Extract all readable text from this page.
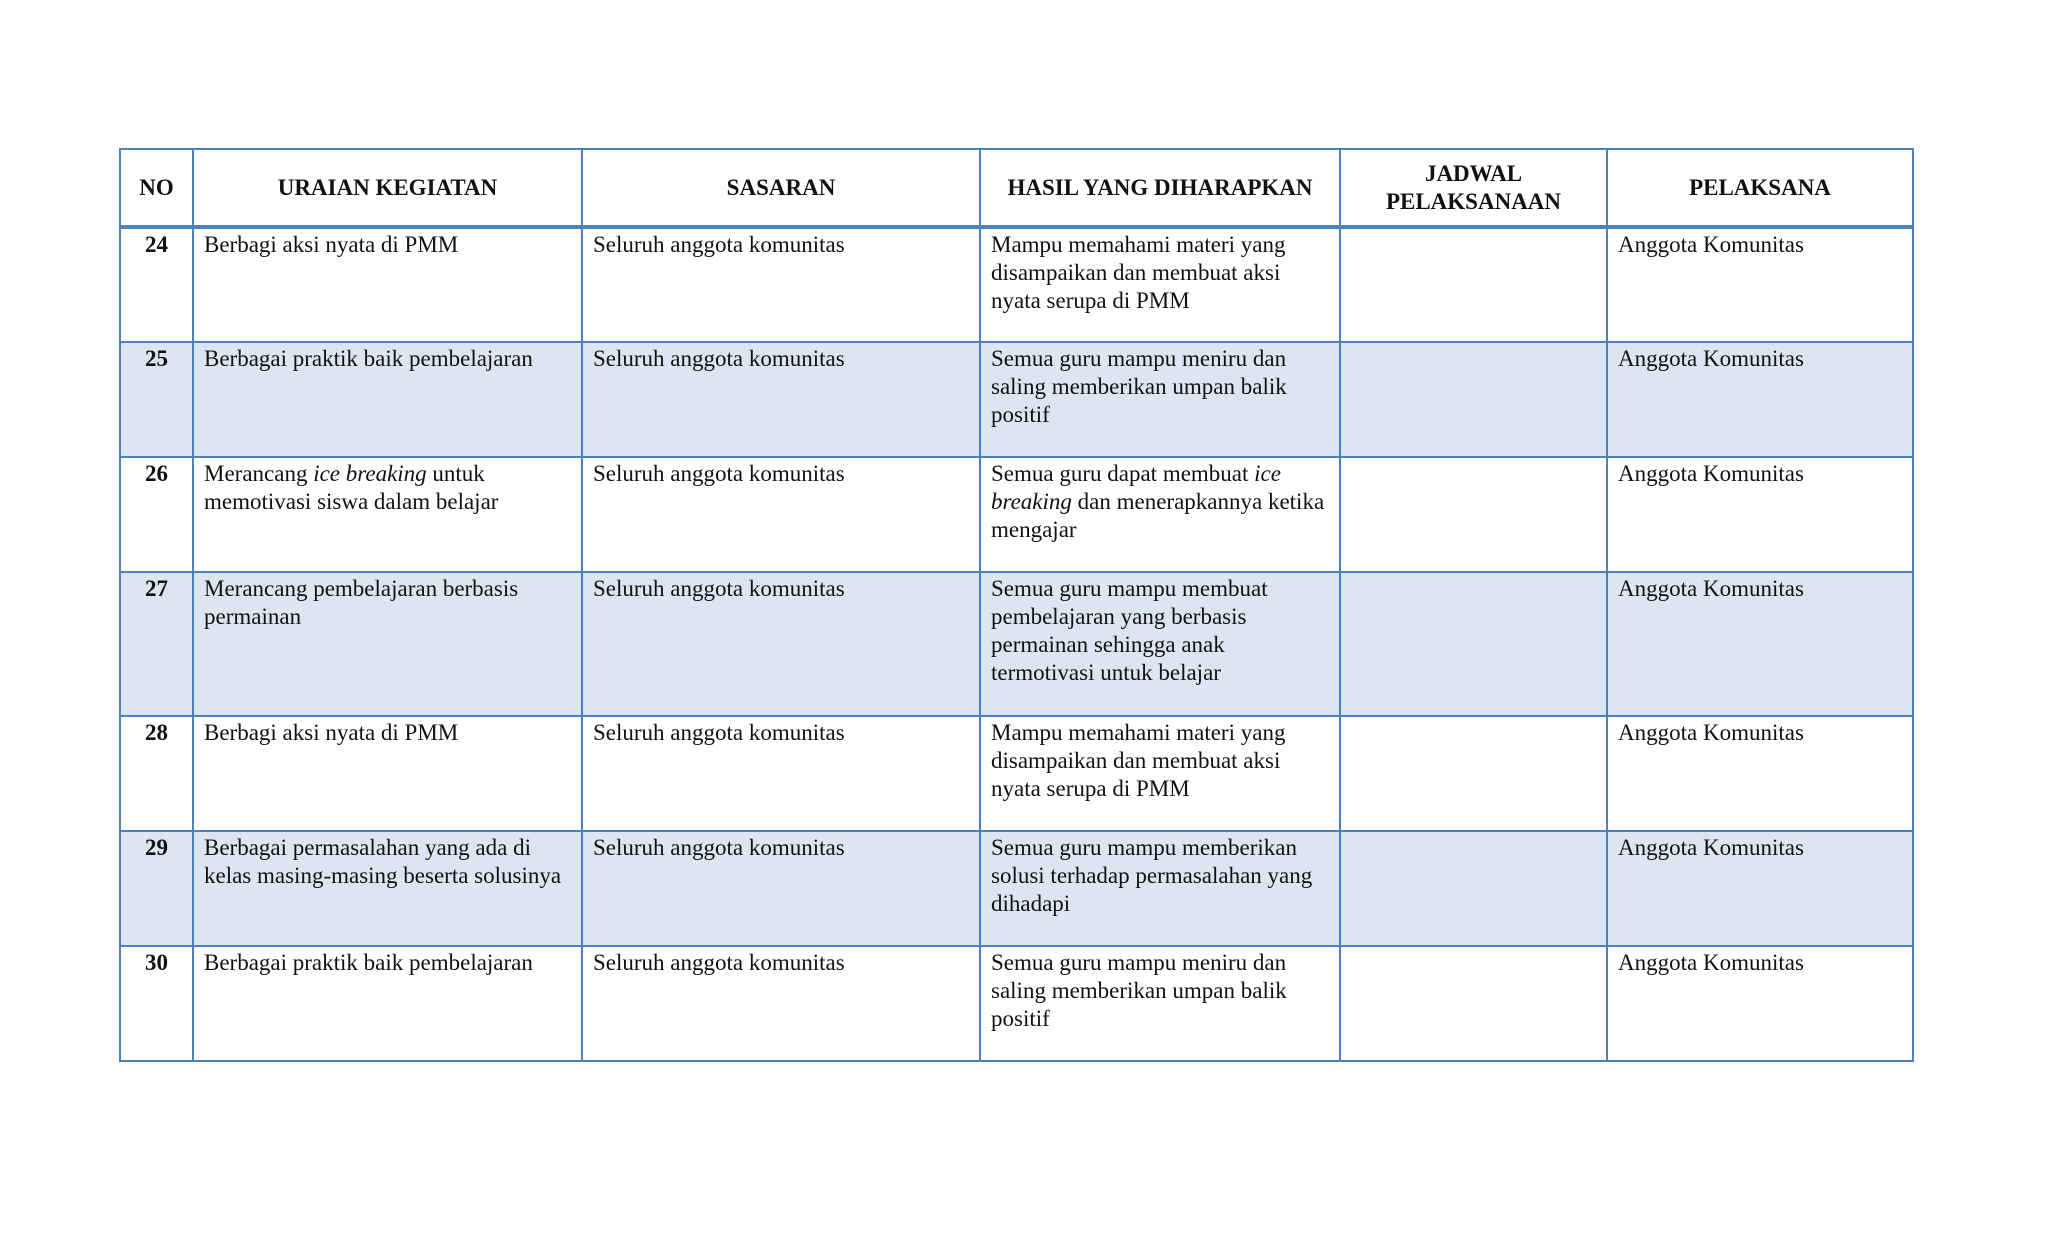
NO	URAIAN KEGIATAN	SASARAN	HASIL YANG DIHARAPKAN	JADWAL PELAKSANAAN	PELAKSANA
24	Berbagi aksi nyata di PMM	Seluruh anggota komunitas	Mampu memahami materi yang disampaikan dan membuat aksi nyata serupa di PMM		Anggota Komunitas
25	Berbagai praktik baik pembelajaran	Seluruh anggota komunitas	Semua guru mampu meniru dan saling memberikan umpan balik positif		Anggota Komunitas
26	Merancang ice breaking untuk memotivasi siswa dalam belajar	Seluruh anggota komunitas	Semua guru dapat membuat ice breaking dan menerapkannya ketika mengajar		Anggota Komunitas
27	Merancang pembelajaran berbasis permainan	Seluruh anggota komunitas	Semua guru mampu membuat pembelajaran yang berbasis permainan sehingga anak termotivasi untuk belajar		Anggota Komunitas
28	Berbagi aksi nyata di PMM	Seluruh anggota komunitas	Mampu memahami materi yang disampaikan dan membuat aksi nyata serupa di PMM		Anggota Komunitas
29	Berbagai permasalahan yang ada di kelas masing-masing beserta solusinya	Seluruh anggota komunitas	Semua guru mampu memberikan solusi terhadap permasalahan yang dihadapi		Anggota Komunitas
30	Berbagai praktik baik pembelajaran	Seluruh anggota komunitas	Semua guru mampu meniru dan saling memberikan umpan balik positif		Anggota Komunitas
